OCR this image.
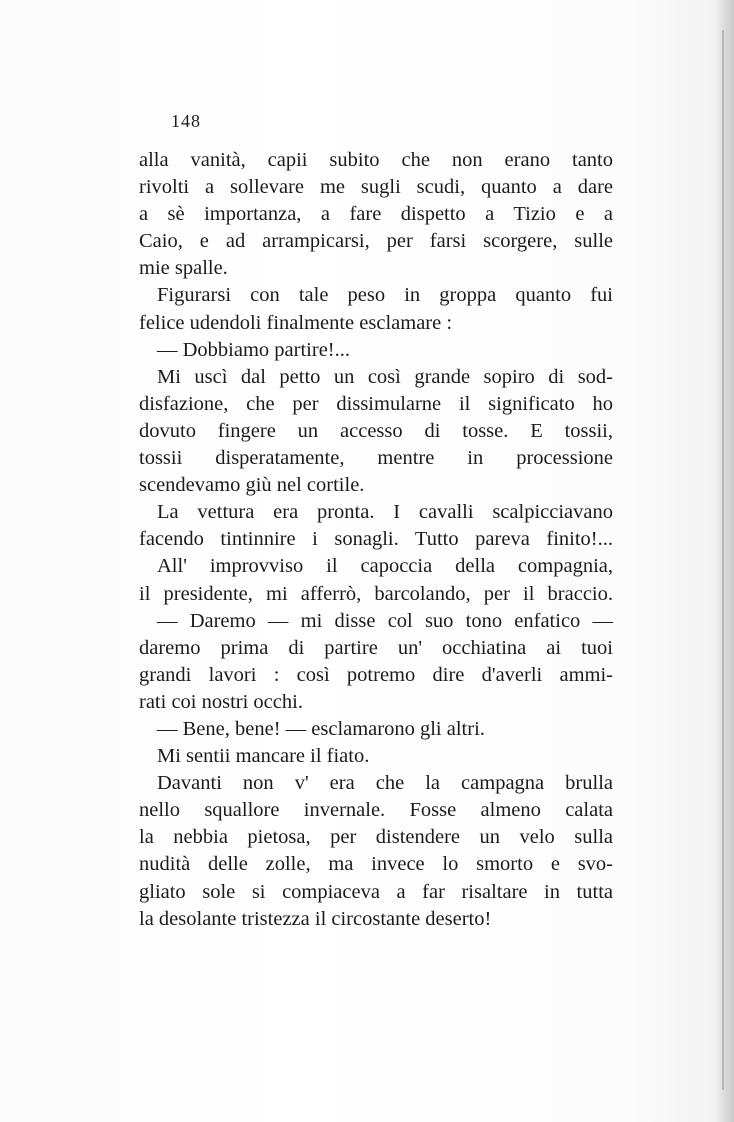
148
alla vanità, capii subito che non erano tanto
rivolti a sollevare me sugli scudi, quanto a dare
a sè importanza, a fare dispetto a Tizio e a
Caio, e ad arrampicarsi, per farsi scorgere, sulle
mie spalle.
Figurarsi con tale peso in groppa quanto fui
felice udendoli finalmente esclamare :
— Dobbiamo partire!...
Mi uscì dal petto un così grande sopiro di sod-
disfazione, che per dissimularne il significato ho
dovuto fingere un accesso di tosse. E tossii,
tossii disperatamente, mentre in processione
scendevamo giù nel cortile.
La vettura era pronta. I cavalli scalpicciavano
facendo tintinnire i sonagli. Tutto pareva finito!...
All' improvviso il capoccia della compagnia,
il presidente, mi afferrò, barcolando, per il braccio.
— Daremo — mi disse col suo tono enfatico —
daremo prima di partire un' occhiatina ai tuoi
grandi lavori : così potremo dire d'averli ammi-
rati coi nostri occhi.
— Bene, bene! — esclamarono gli altri.
Mi sentii mancare il fiato.
Davanti non v' era che la campagna brulla
nello squallore invernale. Fosse almeno calata
la nebbia pietosa, per distendere un velo sulla
nudità delle zolle, ma invece lo smorto e svo-
gliato sole si compiaceva a far risaltare in tutta
la desolante tristezza il circostante deserto!
